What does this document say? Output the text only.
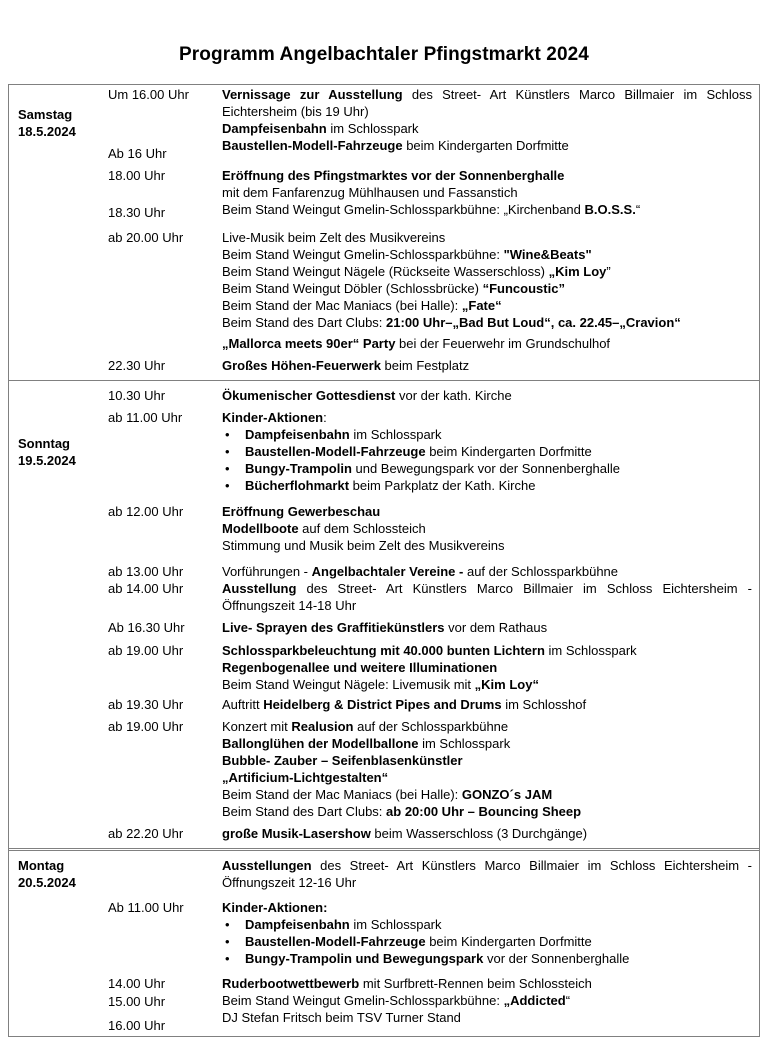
Programm Angelbachtaler Pfingstmarkt 2024
Samstag
18.5.2024
Um 16.00 Uhr
Ab 16 Uhr
18.00 Uhr
18.30 Uhr
ab 20.00 Uhr
22.30 Uhr
Vernissage zur Ausstellung des Street- Art Künstlers Marco Billmaier im Schloss Eichtersheim (bis 19 Uhr)
Dampfeisenbahn im Schlosspark
Baustellen-Modell-Fahrzeuge beim Kindergarten Dorfmitte
Eröffnung des Pfingstmarktes vor der Sonnenberghalle
mit dem Fanfarenzug Mühlhausen und Fassanstich
Beim Stand Weingut Gmelin-Schlossparkbühne: „Kirchenband B.O.S.S.“
Live-Musik beim Zelt des Musikvereins
Beim Stand Weingut Gmelin-Schlossparkbühne: "Wine&Beats"
Beim Stand Weingut Nägele (Rückseite Wasserschloss) „Kim Loy”
Beim Stand Weingut Döbler (Schlossbrücke) “Funcoustic”
Beim Stand der Mac Maniacs (bei Halle): „Fate“
Beim Stand des Dart Clubs: 21:00 Uhr–„Bad But Loud“, ca. 22.45–„Cravion“
„Mallorca meets 90er“ Party bei der Feuerwehr im Grundschulhof
Großes Höhen-Feuerwerk beim Festplatz
Sonntag
19.5.2024
10.30 Uhr
ab 11.00 Uhr
ab 12.00 Uhr
ab 13.00 Uhr
ab 14.00 Uhr
Ab 16.30 Uhr
ab 19.00 Uhr
ab 19.30 Uhr
ab 19.00 Uhr
ab 22.20 Uhr
Ökumenischer Gottesdienst vor der kath. Kirche
Kinder-Aktionen:
• Dampfeisenbahn im Schlosspark
• Baustellen-Modell-Fahrzeuge beim Kindergarten Dorfmitte
• Bungy-Trampolin und Bewegungspark vor der Sonnenberghalle
• Bücherflohmarkt beim Parkplatz der Kath. Kirche
Eröffnung Gewerbeschau
Modellboote auf dem Schlossteich
Stimmung und Musik beim Zelt des Musikvereins
Vorführungen - Angelbachtaler Vereine - auf der Schlossparkbühne
Ausstellung des Street- Art Künstlers Marco Billmaier im Schloss Eichtersheim - Öffnungszeit 14-18 Uhr
Live- Sprayen des Graffitiekünstlers vor dem Rathaus
Schlossparkbeleuchtung mit 40.000 bunten Lichtern im Schlosspark
Regenbogenallee und weitere Illuminationen
Beim Stand Weingut Nägele: Livemusik mit „Kim Loy“
Auftritt Heidelberg & District Pipes and Drums im Schlosshof
Konzert mit Realusion auf der Schlossparkbühne
Ballonglühen der Modellballone im Schlosspark
Bubble- Zauber – Seifenblasenkünstler
„Artificium-Lichtgestalten“
Beim Stand der Mac Maniacs (bei Halle): GONZO´s JAM
Beim Stand des Dart Clubs: ab 20:00 Uhr – Bouncing Sheep
große Musik-Lasershow beim Wasserschloss (3 Durchgänge)
Montag
20.5.2024
Ab 11.00 Uhr
14.00 Uhr
15.00 Uhr
16.00 Uhr
Ausstellungen des Street- Art Künstlers Marco Billmaier im Schloss Eichtersheim - Öffnungszeit 12-16 Uhr
Kinder-Aktionen:
• Dampfeisenbahn im Schlosspark
• Baustellen-Modell-Fahrzeuge beim Kindergarten Dorfmitte
• Bungy-Trampolin und Bewegungspark vor der Sonnenberghalle
Ruderbootwettbewerb mit Surfbrett-Rennen beim Schlossteich
Beim Stand Weingut Gmelin-Schlossparkbühne: „Addicted“
DJ Stefan Fritsch beim TSV Turner Stand
